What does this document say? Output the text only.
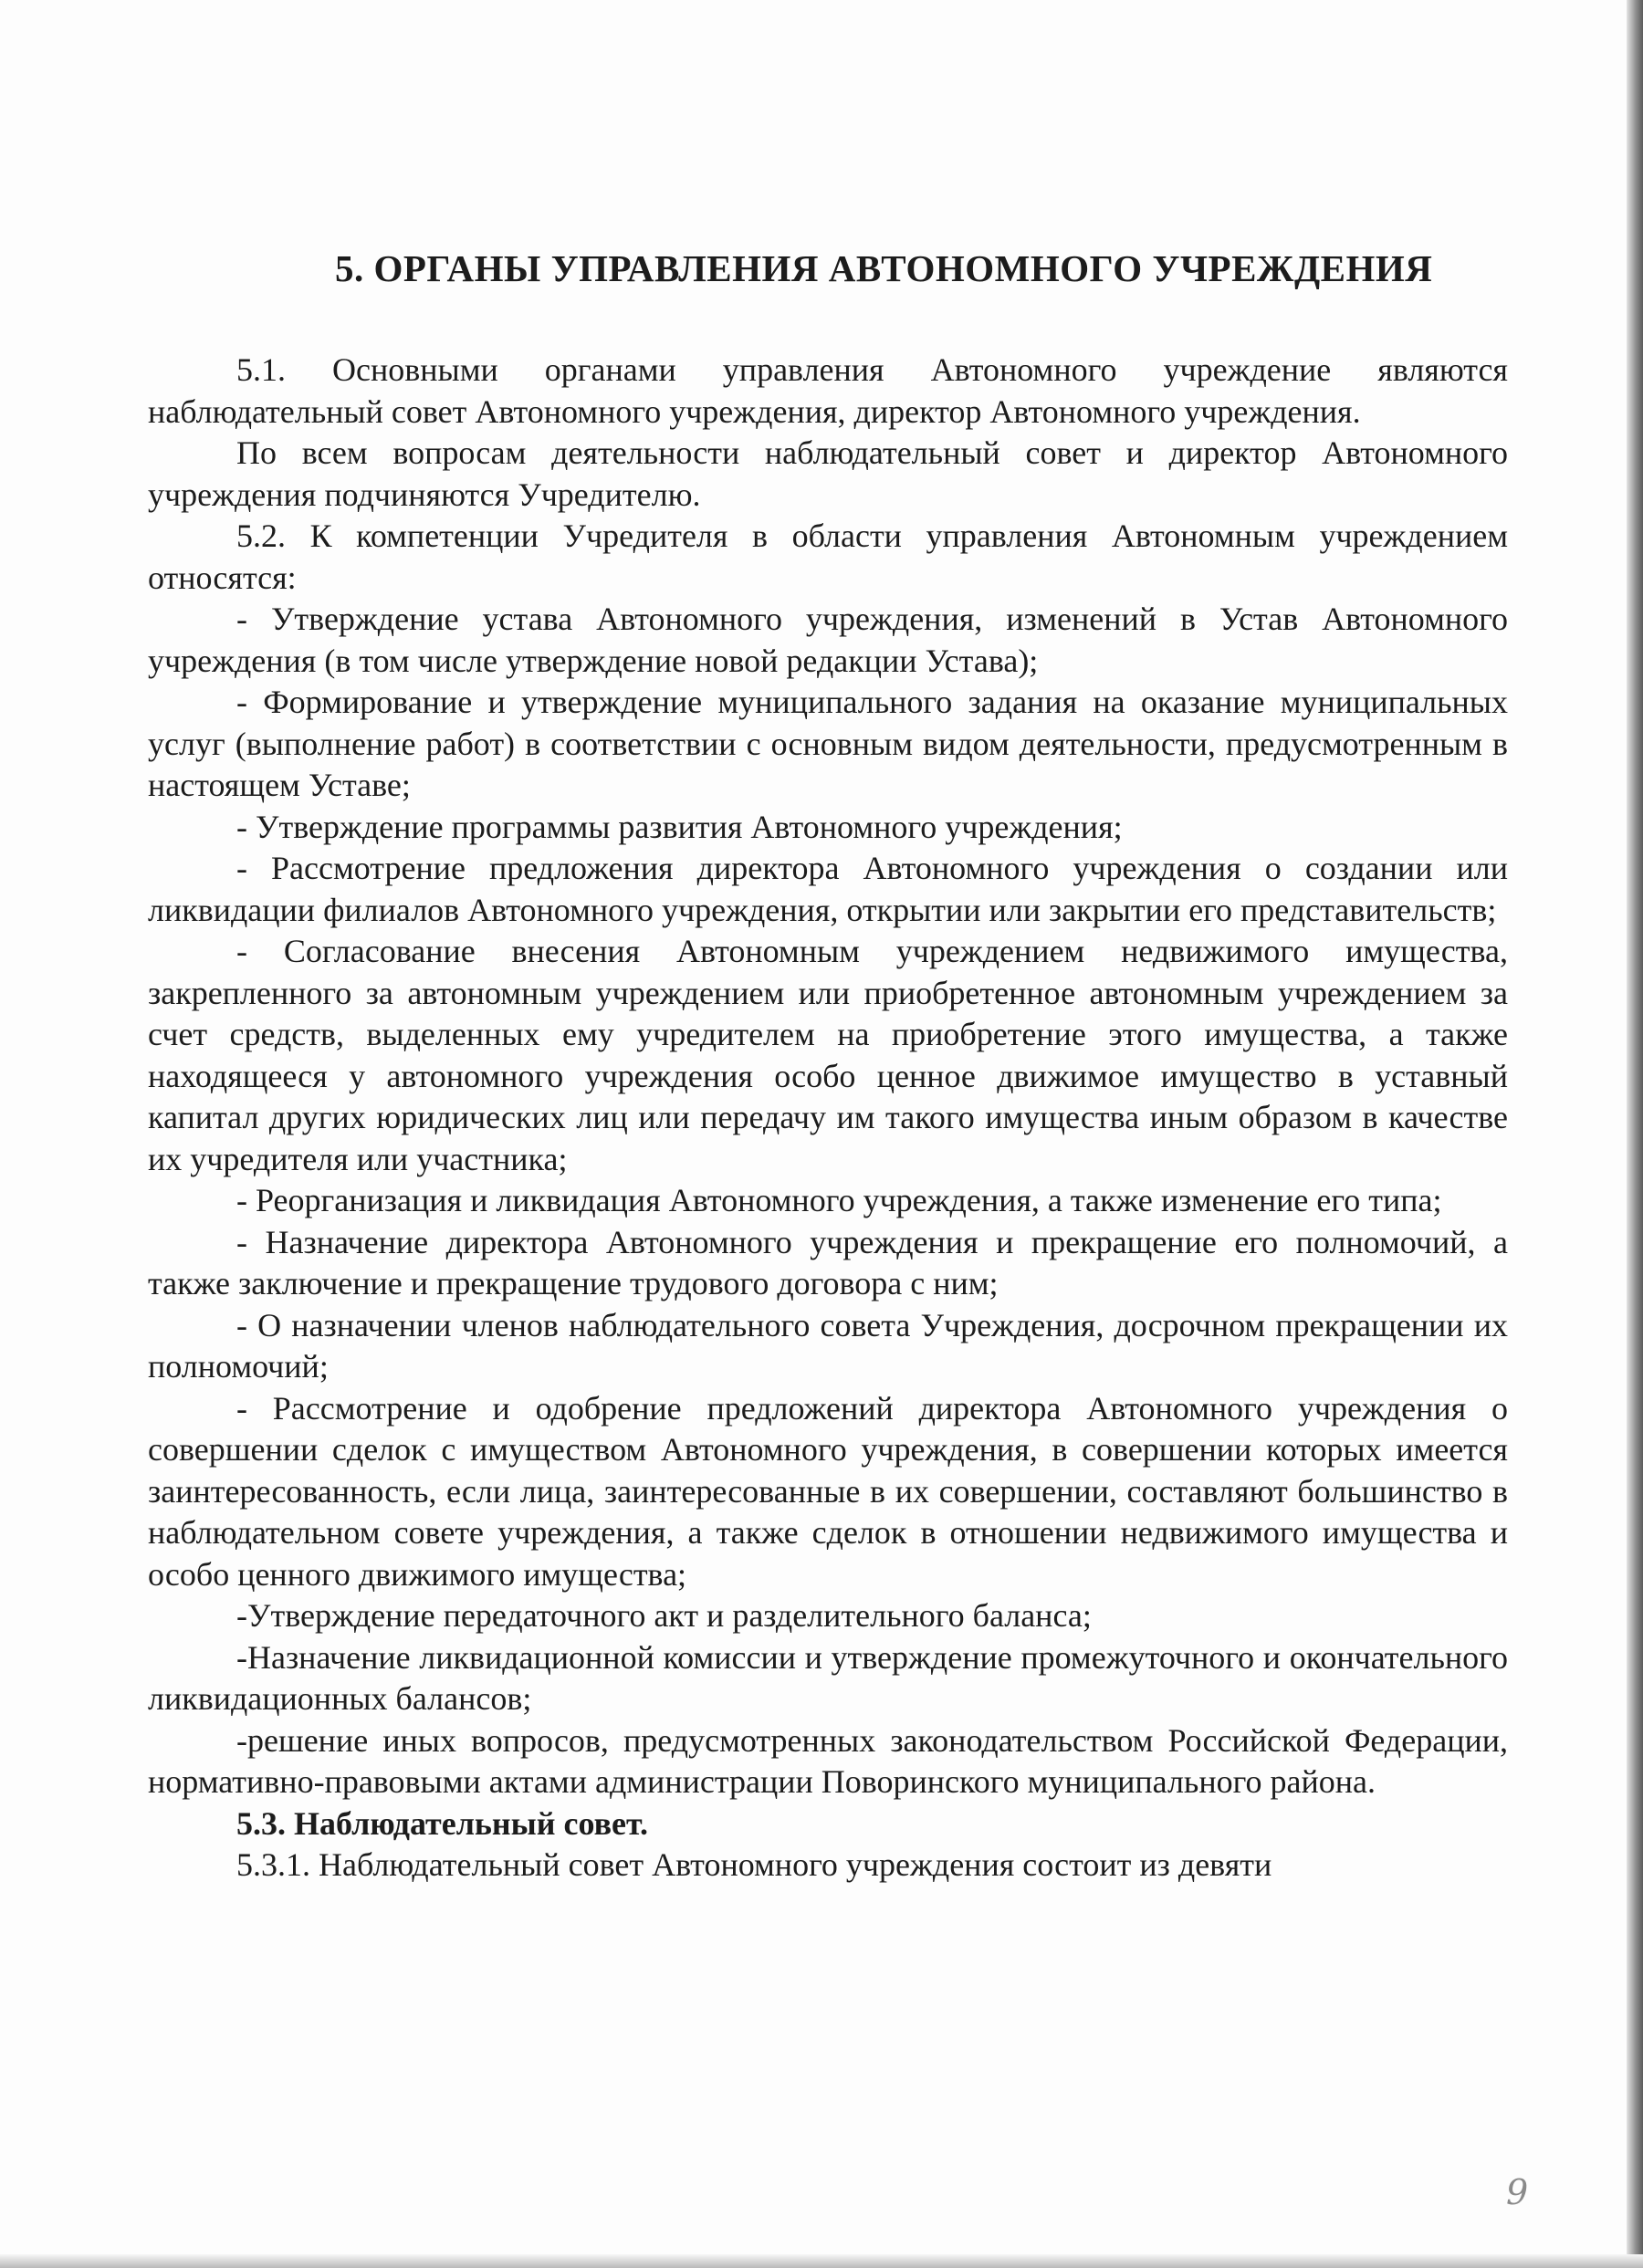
5. ОРГАНЫ УПРАВЛЕНИЯ АВТОНОМНОГО УЧРЕЖДЕНИЯ

5.1. Основными органами управления Автономного учреждение являются наблюдательный совет Автономного учреждения, директор Автономного учреждения.

По всем вопросам деятельности наблюдательный совет и директор Автономного учреждения подчиняются Учредителю.

5.2. К компетенции Учредителя в области управления Автономным учреждением относятся:

- Утверждение устава Автономного учреждения, изменений в Устав Автономного учреждения (в том числе утверждение новой редакции Устава);

- Формирование и утверждение муниципального задания на оказание муниципальных услуг (выполнение работ) в соответствии с основным видом деятельности, предусмотренным в настоящем Уставе;

- Утверждение программы развития Автономного учреждения;

- Рассмотрение предложения директора Автономного учреждения о создании или ликвидации филиалов Автономного учреждения, открытии или закрытии его представительств;

- Согласование внесения Автономным учреждением недвижимого имущества, закрепленного за автономным учреждением или приобретенное автономным учреждением за счет средств, выделенных ему учредителем на приобретение этого имущества, а также находящееся у автономного учреждения особо ценное движимое имущество в уставный капитал других юридических лиц или передачу им такого имущества иным образом в качестве их учредителя или участника;

- Реорганизация и ликвидация Автономного учреждения, а также изменение его типа;

- Назначение директора Автономного учреждения и прекращение его полномочий, а также заключение и прекращение трудового договора с ним;

- О назначении членов наблюдательного совета Учреждения, досрочном прекращении их полномочий;

- Рассмотрение и одобрение предложений директора Автономного учреждения о совершении сделок с имуществом Автономного учреждения, в совершении которых имеется заинтересованность, если лица, заинтересованные в их совершении, составляют большинство в наблюдательном совете учреждения, а также сделок в отношении недвижимого имущества и особо ценного движимого имущества;

-Утверждение передаточного акт и разделительного баланса;

-Назначение ликвидационной комиссии и утверждение промежуточного и окончательного ликвидационных балансов;

-решение иных вопросов, предусмотренных законодательством Российской Федерации, нормативно-правовыми актами администрации Поворинского муниципального района.

5.3. Наблюдательный совет.

5.3.1. Наблюдательный совет Автономного учреждения состоит из девяти

9
